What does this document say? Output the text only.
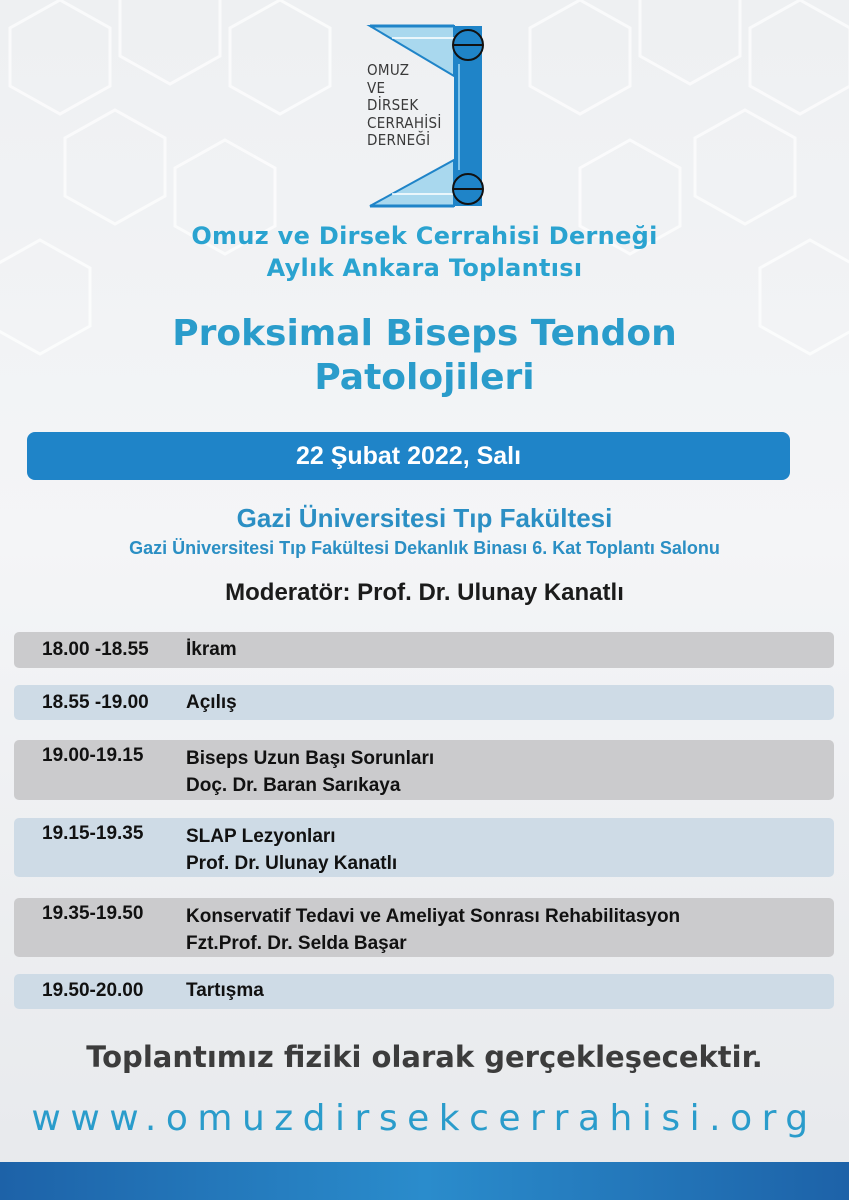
OMUZ
VE
DİRSEK
CERRAHİSİ
DERNEĞİ
Omuz ve Dirsek Cerrahisi Derneği
Aylık Ankara Toplantısı
Proksimal Biseps Tendon
Patolojileri
22 Şubat 2022, Salı
Gazi Üniversitesi Tıp Fakültesi
Gazi Üniversitesi Tıp Fakültesi Dekanlık Binası 6. Kat Toplantı Salonu
Moderatör: Prof. Dr. Ulunay Kanatlı
18.00 -18.55 İkram
18.55 -19.00 Açılış
19.00-19.15 Biseps Uzun Başı Sorunları
Doç. Dr. Baran Sarıkaya
19.15-19.35 SLAP Lezyonları
Prof. Dr. Ulunay Kanatlı
19.35-19.50 Konservatif Tedavi ve Ameliyat Sonrası Rehabilitasyon
Fzt.Prof. Dr. Selda Başar
19.50-20.00 Tartışma
Toplantımız fiziki olarak gerçekleşecektir.
www.omuzdirsekcerrahisi.org
